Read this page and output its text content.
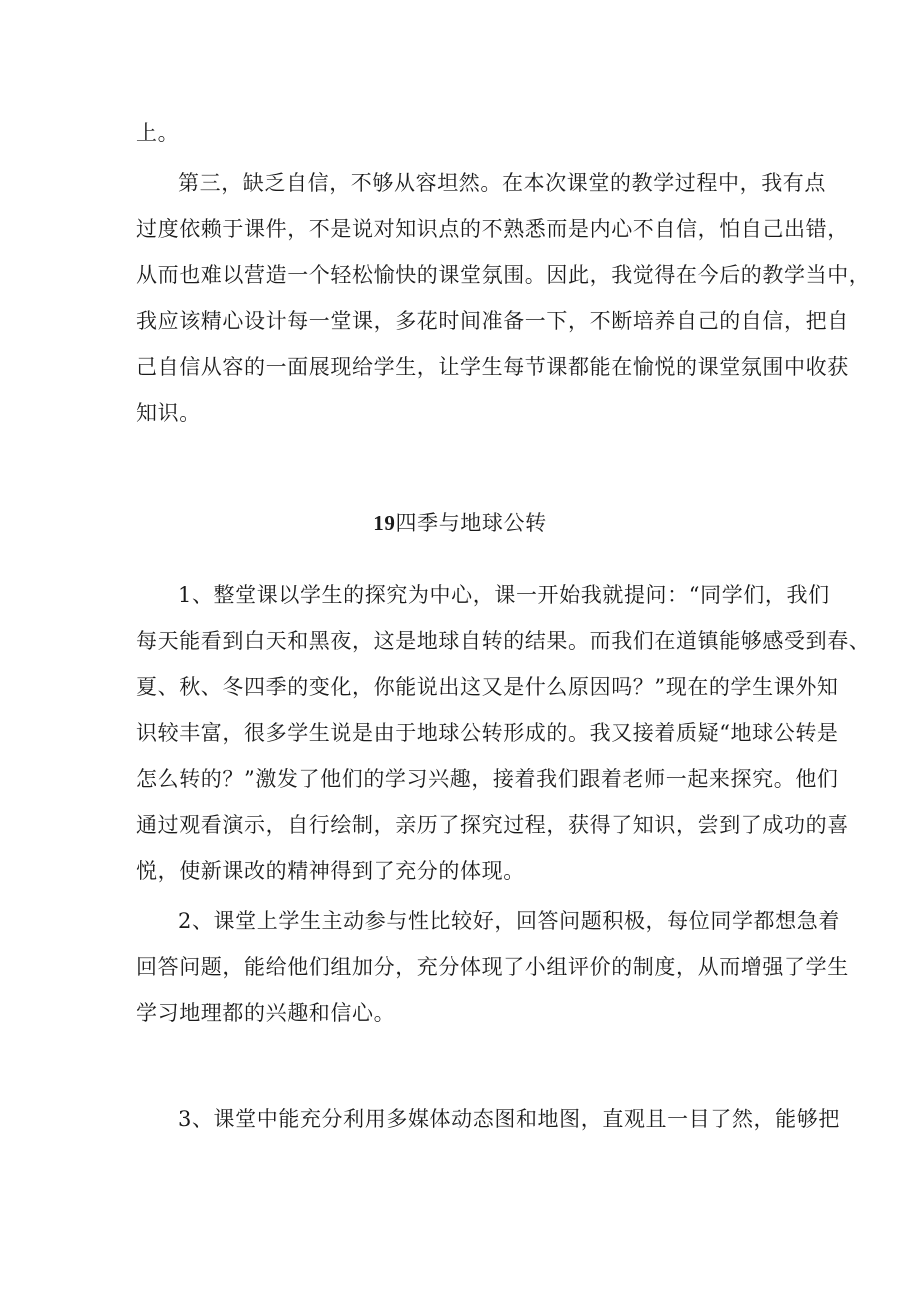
上。
第三，缺乏自信，不够从容坦然。在本次课堂的教学过程中，我有点
过度依赖于课件，不是说对知识点的不熟悉而是内心不自信，怕自己出错，
从而也难以营造一个轻松愉快的课堂氛围。因此，我觉得在今后的教学当中，
我应该精心设计每一堂课，多花时间准备一下，不断培养自己的自信，把自
己自信从容的一面展现给学生，让学生每节课都能在愉悦的课堂氛围中收获
知识。
19四季与地球公转
1、整堂课以学生的探究为中心，课一开始我就提问：“同学们，我们
每天能看到白天和黑夜，这是地球自转的结果。而我们在道镇能够感受到春、
夏、秋、冬四季的变化，你能说出这又是什么原因吗？”现在的学生课外知
识较丰富，很多学生说是由于地球公转形成的。我又接着质疑“地球公转是
怎么转的？”激发了他们的学习兴趣，接着我们跟着老师一起来探究。他们
通过观看演示，自行绘制，亲历了探究过程，获得了知识，尝到了成功的喜
悦，使新课改的精神得到了充分的体现。
2、课堂上学生主动参与性比较好，回答问题积极，每位同学都想急着
回答问题，能给他们组加分，充分体现了小组评价的制度，从而增强了学生
学习地理都的兴趣和信心。
3、课堂中能充分利用多媒体动态图和地图，直观且一目了然，能够把
